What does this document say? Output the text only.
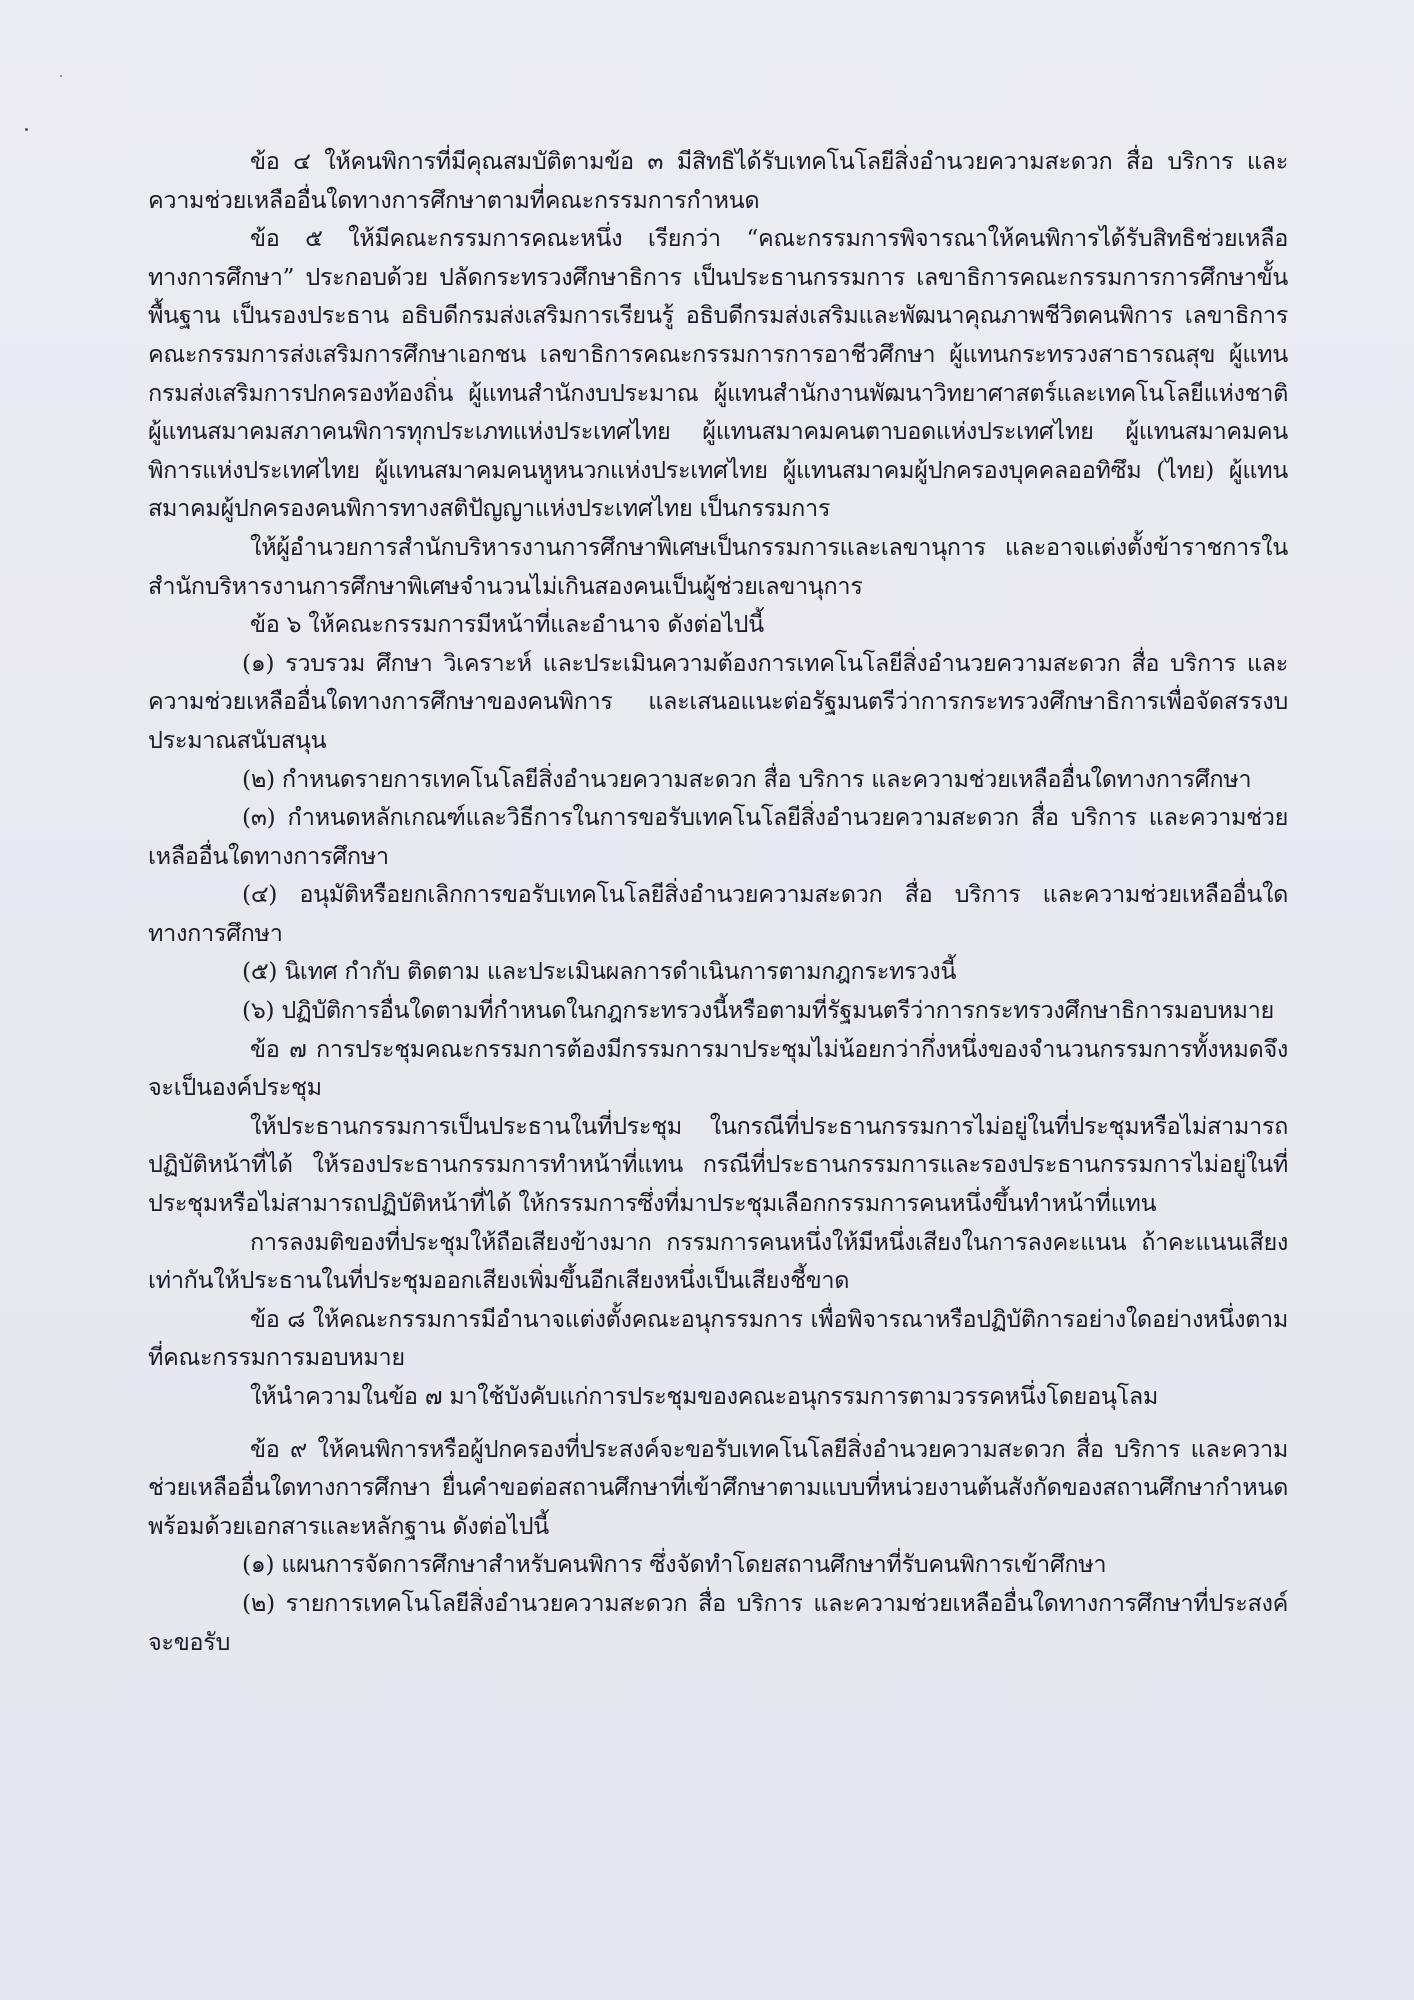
ข้อ ๔ ให้คนพิการที่มีคุณสมบัติตามข้อ ๓ มีสิทธิได้รับเทคโนโลยีสิ่งอำนวยความสะดวก สื่อ บริการ และความช่วยเหลืออื่นใดทางการศึกษาตามที่คณะกรรมการกำหนด

ข้อ ๕ ให้มีคณะกรรมการคณะหนึ่ง เรียกว่า “คณะกรรมการพิจารณาให้คนพิการได้รับสิทธิช่วยเหลือทางการศึกษา” ประกอบด้วย ปลัดกระทรวงศึกษาธิการ เป็นประธานกรรมการ เลขาธิการคณะกรรมการการศึกษาขั้นพื้นฐาน เป็นรองประธาน อธิบดีกรมส่งเสริมการเรียนรู้ อธิบดีกรมส่งเสริมและพัฒนาคุณภาพชีวิตคนพิการ เลขาธิการคณะกรรมการส่งเสริมการศึกษาเอกชน เลขาธิการคณะกรรมการการอาชีวศึกษา ผู้แทนกระทรวงสาธารณสุข ผู้แทนกรมส่งเสริมการปกครองท้องถิ่น ผู้แทนสำนักงบประมาณ ผู้แทนสำนักงานพัฒนาวิทยาศาสตร์และเทคโนโลยีแห่งชาติ ผู้แทนสมาคมสภาคนพิการทุกประเภทแห่งประเทศไทย ผู้แทนสมาคมคนตาบอดแห่งประเทศไทย ผู้แทนสมาคมคนพิการแห่งประเทศไทย ผู้แทนสมาคมคนหูหนวกแห่งประเทศไทย ผู้แทนสมาคมผู้ปกครองบุคคลออทิซึม (ไทย) ผู้แทนสมาคมผู้ปกครองคนพิการทางสติปัญญาแห่งประเทศไทย เป็นกรรมการ

ให้ผู้อำนวยการสำนักบริหารงานการศึกษาพิเศษเป็นกรรมการและเลขานุการ และอาจแต่งตั้งข้าราชการในสำนักบริหารงานการศึกษาพิเศษจำนวนไม่เกินสองคนเป็นผู้ช่วยเลขานุการ

ข้อ ๖ ให้คณะกรรมการมีหน้าที่และอำนาจ ดังต่อไปนี้

(๑) รวบรวม ศึกษา วิเคราะห์ และประเมินความต้องการเทคโนโลยีสิ่งอำนวยความสะดวก สื่อ บริการ และความช่วยเหลืออื่นใดทางการศึกษาของคนพิการ และเสนอแนะต่อรัฐมนตรีว่าการกระทรวงศึกษาธิการเพื่อจัดสรรงบประมาณสนับสนุน

(๒) กำหนดรายการเทคโนโลยีสิ่งอำนวยความสะดวก สื่อ บริการ และความช่วยเหลืออื่นใดทางการศึกษา

(๓) กำหนดหลักเกณฑ์และวิธีการในการขอรับเทคโนโลยีสิ่งอำนวยความสะดวก สื่อ บริการ และความช่วยเหลืออื่นใดทางการศึกษา

(๔) อนุมัติหรือยกเลิกการขอรับเทคโนโลยีสิ่งอำนวยความสะดวก สื่อ บริการ และความช่วยเหลืออื่นใดทางการศึกษา

(๕) นิเทศ กำกับ ติดตาม และประเมินผลการดำเนินการตามกฎกระทรวงนี้

(๖) ปฏิบัติการอื่นใดตามที่กำหนดในกฎกระทรวงนี้หรือตามที่รัฐมนตรีว่าการกระทรวงศึกษาธิการมอบหมาย

ข้อ ๗ การประชุมคณะกรรมการต้องมีกรรมการมาประชุมไม่น้อยกว่ากึ่งหนึ่งของจำนวนกรรมการทั้งหมดจึงจะเป็นองค์ประชุม

ให้ประธานกรรมการเป็นประธานในที่ประชุม ในกรณีที่ประธานกรรมการไม่อยู่ในที่ประชุมหรือไม่สามารถปฏิบัติหน้าที่ได้ ให้รองประธานกรรมการทำหน้าที่แทน กรณีที่ประธานกรรมการและรองประธานกรรมการไม่อยู่ในที่ประชุมหรือไม่สามารถปฏิบัติหน้าที่ได้ ให้กรรมการซึ่งที่มาประชุมเลือกกรรมการคนหนึ่งขึ้นทำหน้าที่แทน

การลงมติของที่ประชุมให้ถือเสียงข้างมาก กรรมการคนหนึ่งให้มีหนึ่งเสียงในการลงคะแนน ถ้าคะแนนเสียงเท่ากันให้ประธานในที่ประชุมออกเสียงเพิ่มขึ้นอีกเสียงหนึ่งเป็นเสียงชี้ขาด

ข้อ ๘ ให้คณะกรรมการมีอำนาจแต่งตั้งคณะอนุกรรมการ เพื่อพิจารณาหรือปฏิบัติการอย่างใดอย่างหนึ่งตามที่คณะกรรมการมอบหมาย

ให้นำความในข้อ ๗ มาใช้บังคับแก่การประชุมของคณะอนุกรรมการตามวรรคหนึ่งโดยอนุโลม

ข้อ ๙ ให้คนพิการหรือผู้ปกครองที่ประสงค์จะขอรับเทคโนโลยีสิ่งอำนวยความสะดวก สื่อ บริการ และความช่วยเหลืออื่นใดทางการศึกษา ยื่นคำขอต่อสถานศึกษาที่เข้าศึกษาตามแบบที่หน่วยงานต้นสังกัดของสถานศึกษากำหนด พร้อมด้วยเอกสารและหลักฐาน ดังต่อไปนี้

(๑) แผนการจัดการศึกษาสำหรับคนพิการ ซึ่งจัดทำโดยสถานศึกษาที่รับคนพิการเข้าศึกษา

(๒) รายการเทคโนโลยีสิ่งอำนวยความสะดวก สื่อ บริการ และความช่วยเหลืออื่นใดทางการศึกษาที่ประสงค์จะขอรับ
